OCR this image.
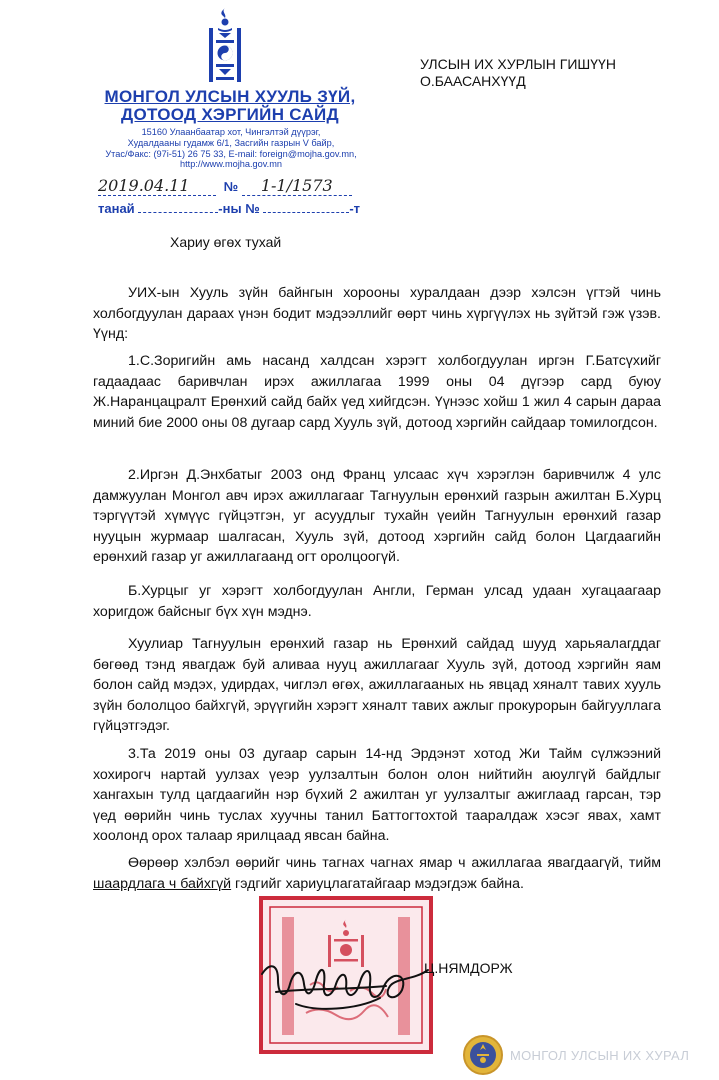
МОНГОЛ УЛСЫН ХУУЛЬ ЗҮЙ,
ДОТООД ХЭРГИЙН САЙД
15160 Улаанбаатар хот, Чингэлтэй дүүрэг,
Худалдааны гудамж 6/1, Засгийн газрын V байр,
Утас/Факс: (97і-51) 26 75 33, E-mail: foreign@mojha.gov.mn,
http://www.mojha.gov.mn
2019.04.11	№ 1-1/1573
танай	-ны №	-т
УЛСЫН ИХ ХУРЛЫН ГИШҮҮН
О.БААСАНХҮҮД
Хариу өгөх тухай

УИХ-ын Хууль зүйн байнгын хорооны хуралдаан дээр хэлсэн үгтэй чинь холбогдуулан дараах үнэн бодит мэдээллийг өөрт чинь хүргүүлэх нь зүйтэй гэж үзэв. Үүнд:

1.С.Зоригийн амь насанд халдсан хэрэгт холбогдуулан иргэн Г.Батсүхийг гадаадаас баривчлан ирэх ажиллагаа 1999 оны 04 дүгээр сард буюу Ж.Наранцацралт Ерөнхий сайд байх үед хийгдсэн. Үүнээс хойш 1 жил 4 сарын дараа миний бие 2000 оны 08 дугаар сард Хууль зүй, дотоод хэргийн сайдаар томилогдсон.

2.Иргэн Д.Энхбатыг 2003 онд Франц улсаас хүч хэрэглэн баривчилж 4 улс дамжуулан Монгол авч ирэх ажиллагааг Тагнуулын ерөнхий газрын ажилтан Б.Хурц тэргүүтэй хүмүүс гүйцэтгэн, уг асуудлыг тухайн үеийн Тагнуулын ерөнхий газар нууцын журмаар шалгасан, Хууль зүй, дотоод хэргийн сайд болон Цагдаагийн ерөнхий газар уг ажиллагаанд огт оролцоогүй.

Б.Хурцыг уг хэрэгт холбогдуулан Англи, Герман улсад удаан хугацаагаар хоригдож байсныг бүх хүн мэднэ.

Хуулиар Тагнуулын ерөнхий газар нь Ерөнхий сайдад шууд харьяалагддаг бөгөөд тэнд явагдаж буй аливаа нууц ажиллагааг Хууль зүй, дотоод хэргийн яам болон сайд мэдэх, удирдах, чиглэл өгөх, ажиллагааных нь явцад хяналт тавих хууль зүйн бололцоо байхгүй, эрүүгийн хэрэгт хяналт тавих ажлыг прокурорын байгууллага гүйцэтгэдэг.

3.Та 2019 оны 03 дугаар сарын 14-нд Эрдэнэт хотод Жи Тайм сүлжээний хохирогч нартай уулзах үеэр уулзалтын болон олон нийтийн аюулгүй байдлыг хангахын тулд цагдаагийн нэр бүхий 2 ажилтан уг уулзалтыг ажиглаад гарсан, тэр үед өөрийн чинь туслах хуучны танил Баттогтохтой тааралдаж хэсэг явах, хамт хоолонд орох талаар ярилцаад явсан байна.

Өөрөөр хэлбэл өөрийг чинь тагнах чагнах ямар ч ажиллагаа явагдаагүй, тийм шаардлага ч байхгүй гэдгийг хариуцлагатайгаар мэдэгдэж байна.

Ц.НЯМДОРЖ
МОНГОЛ УЛСЫН ИХ ХУРАЛ
